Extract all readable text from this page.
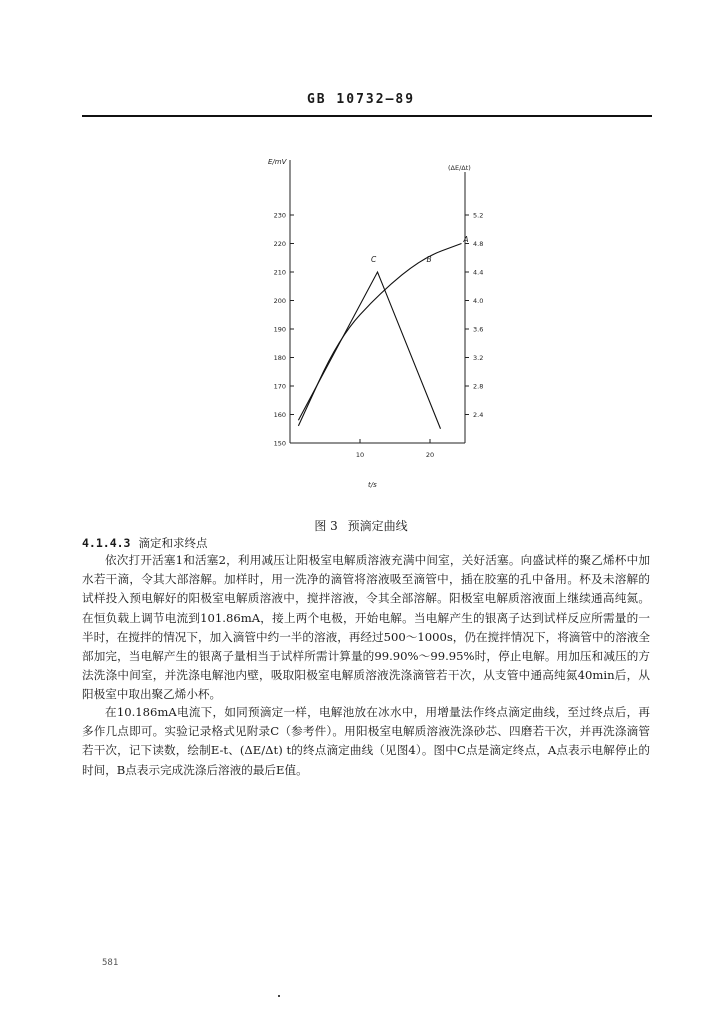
GB 10732—89
E/mV
(ΔE/Δt)
t/s
150
160
170
180
190
200
210
220
230
2.4
2.8
3.2
3.6
4.0
4.4
4.8
5.2
10	20
A
B
C
图 3 预滴定曲线
4.1.4.3 滴定和求终点

依次打开活塞1和活塞2，利用减压让阳极室电解质溶液充满中间室，关好活塞。向盛试样的聚乙烯杯中加水若干滴，令其大部溶解。加样时，用一洗净的滴管将溶液吸至滴管中，插在胶塞的孔中备用。杯及未溶解的试样投入预电解好的阳极室电解质溶液中，搅拌溶液，令其全部溶解。阳极室电解质溶液面上继续通高纯氮。在恒负载上调节电流到101.86mA，接上两个电极，开始电解。当电解产生的银离子达到试样反应所需量的一半时，在搅拌的情况下，加入滴管中约一半的溶液，再经过500～1000s，仍在搅拌情况下，将滴管中的溶液全部加完，当电解产生的银离子量相当于试样所需计算量的99.90%～99.95%时，停止电解。用加压和减压的方法洗涤中间室，并洗涤电解池内壁，吸取阳极室电解质溶液洗涤滴管若干次，从支管中通高纯氮40min后，从阳极室中取出聚乙烯小杯。

在10.186mA电流下，如同预滴定一样，电解池放在冰水中，用增量法作终点滴定曲线，至过终点后，再多作几点即可。实验记录格式见附录C（参考件）。用阳极室电解质溶液洗涤砂芯、四磨若干次，并再洗涤滴管若干次，记下读数，绘制E-t、(ΔE/Δt) t的终点滴定曲线（见图4）。图中C点是滴定终点，A点表示电解停止的时间，B点表示完成洗涤后溶液的最后E值。

581
